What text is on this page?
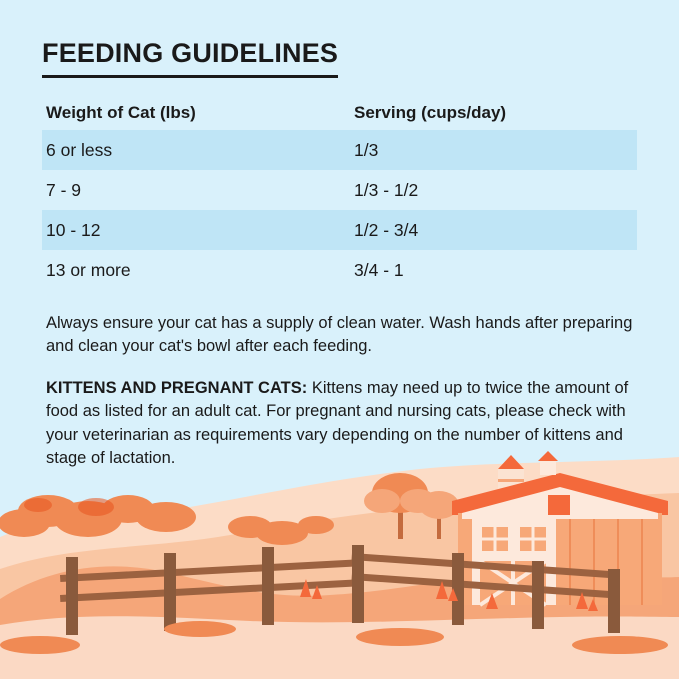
FEEDING GUIDELINES
Weight of Cat (lbs)	Serving (cups/day)
6 or less	1/3
7 - 9	1/3 - 1/2
10 - 12	1/2 - 3/4
13 or more	3/4 - 1

Always ensure your cat has a supply of clean water. Wash hands after preparing and clean your cat's bowl after each feeding.

KITTENS AND PREGNANT CATS: Kittens may need up to twice the amount of food as listed for an adult cat. For pregnant and nursing cats, please check with your veterinarian as requirements vary depending on the number of kittens and stage of lactation.
